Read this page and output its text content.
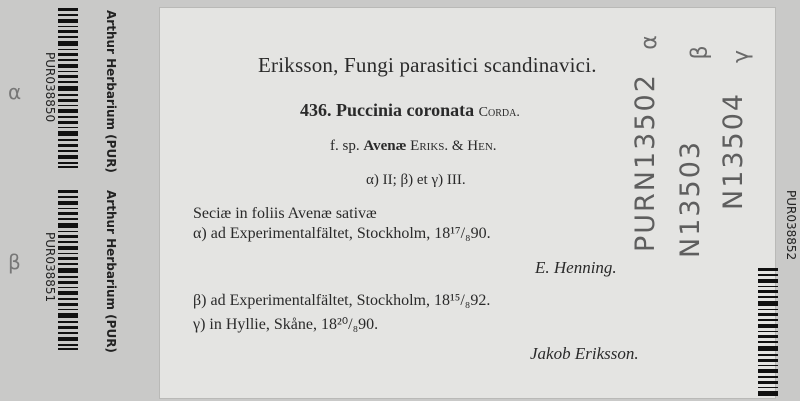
α
β
PUR038850	Arthur Herbarium (PUR)
PUR038851	Arthur Herbarium (PUR)
Eriksson, Fungi parasitici scandinavici.
436. Puccinia coronata Corda.
f. sp. Avenæ Eriks. & Hen.
α) II; β) et γ) III.
Seciæ in foliis Avenæ sativæ
α) ad Experimentalfältet, Stockholm, 18¹⁷/₈90.
E. Henning.
β) ad Experimentalfältet, Stockholm, 18¹⁵/₈92.
γ) in Hyllie, Skåne, 18²⁰/₈90.
Jakob Eriksson.
PURN13502 N13503 N13504
α
β γ
PUR038852
